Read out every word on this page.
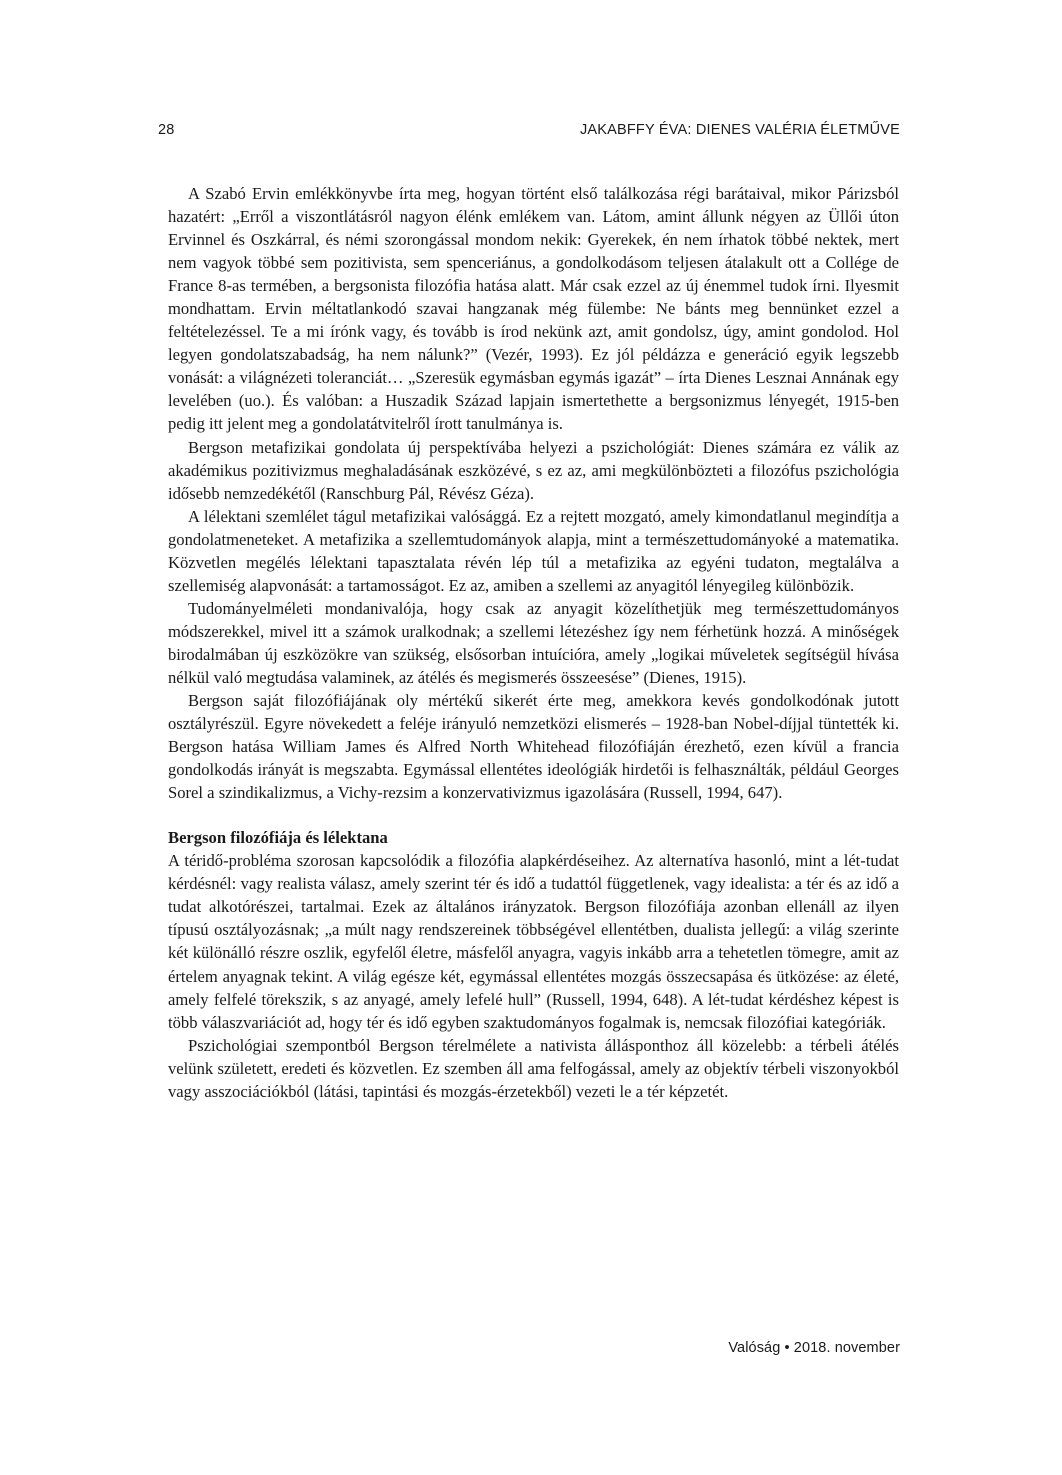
28	JAKABFFY ÉVA: DIENES VALÉRIA ÉLETMŰVE

A Szabó Ervin emlékkönyvbe írta meg, hogyan történt első találkozása régi barátaival, mikor Párizsból hazatért: „Erről a viszontlátásról nagyon élénk emlékem van. Látom, amint állunk négyen az Üllői úton Ervinnel és Oszkárral, és némi szorongással mondom nekik: Gyerekek, én nem írhatok többé nektek, mert nem vagyok többé sem pozitivista, sem spenceriánus, a gondolkodásom teljesen átalakult ott a Collége de France 8-as termében, a bergsonista filozófia hatása alatt. Már csak ezzel az új énemmel tudok írni. Ilyesmit mondhattam. Ervin méltatlankodó szavai hangzanak még fülembe: Ne bánts meg bennünket ezzel a feltételezéssel. Te a mi írónk vagy, és tovább is írod nekünk azt, amit gondolsz, úgy, amint gondolod. Hol legyen gondolatszabadság, ha nem nálunk?” (Vezér, 1993). Ez jól példázza e generáció egyik legszebb vonását: a világnézeti toleranciát… „Szeresük egymásban egymás igazát” – írta Dienes Lesznai Annának egy levelében (uo.). És valóban: a Huszadik Század lapjain ismertethette a bergsonizmus lényegét, 1915-ben pedig itt jelent meg a gondolatátvitelről írott tanulmánya is.

Bergson metafizikai gondolata új perspektívába helyezi a pszichológiát: Dienes számára ez válik az akadémikus pozitivizmus meghaladásának eszközévé, s ez az, ami megkülönbözteti a filozófus pszichológia idősebb nemzedékétől (Ranschburg Pál, Révész Géza).

A lélektani szemlélet tágul metafizikai valósággá. Ez a rejtett mozgató, amely kimondatlanul megindítja a gondolatmeneteket. A metafizika a szellemtudományok alapja, mint a természettudományoké a matematika. Közvetlen megélés lélektani tapasztalata révén lép túl a metafizika az egyéni tudaton, megtalálva a szellemiség alapvonását: a tartamosságot. Ez az, amiben a szellemi az anyagitól lényegileg különbözik.

Tudományelméleti mondanivalója, hogy csak az anyagit közelíthetjük meg természettudományos módszerekkel, mivel itt a számok uralkodnak; a szellemi létezéshez így nem férhetünk hozzá. A minőségek birodalmában új eszközökre van szükség, elsősorban intuícióra, amely „logikai műveletek segítségül hívása nélkül való megtudása valaminek, az átélés és megismerés összeesése” (Dienes, 1915).

Bergson saját filozófiájának oly mértékű sikerét érte meg, amekkora kevés gondolkodónak jutott osztályrészül. Egyre növekedett a feléje irányuló nemzetközi elismerés – 1928-ban Nobel-díjjal tüntették ki. Bergson hatása William James és Alfred North Whitehead filozófiáján érezhető, ezen kívül a francia gondolkodás irányát is megszabta. Egymással ellentétes ideológiák hirdetői is felhasználták, például Georges Sorel a szindikalizmus, a Vichy-rezsim a konzervativizmus igazolására (Russell, 1994, 647).

Bergson filozófiája és lélektana

A téridő-probléma szorosan kapcsolódik a filozófia alapkérdéseihez. Az alternatíva hasonló, mint a lét-tudat kérdésnél: vagy realista válasz, amely szerint tér és idő a tudattól függetlenek, vagy idealista: a tér és az idő a tudat alkotórészei, tartalmai. Ezek az általános irányzatok. Bergson filozófiája azonban ellenáll az ilyen típusú osztályozásnak; „a múlt nagy rendszereinek többségével ellentétben, dualista jellegű: a világ szerinte két különálló részre oszlik, egyfelől életre, másfelől anyagra, vagyis inkább arra a tehetetlen tömegre, amit az értelem anyagnak tekint. A világ egésze két, egymással ellentétes mozgás összecsapása és ütközése: az életé, amely felfelé törekszik, s az anyagé, amely lefelé hull” (Russell, 1994, 648). A lét-tudat kérdéshez képest is több válaszvariációt ad, hogy tér és idő egyben szaktudományos fogalmak is, nemcsak filozófiai kategóriák.

Pszichológiai szempontból Bergson térelmélete a nativista állásponthoz áll közelebb: a térbeli átélés velünk született, eredeti és közvetlen. Ez szemben áll ama felfogással, amely az objektív térbeli viszonyokból vagy asszociációkból (látási, tapintási és mozgás-érzetekből) vezeti le a tér képzetét.

Valóság • 2018. november
